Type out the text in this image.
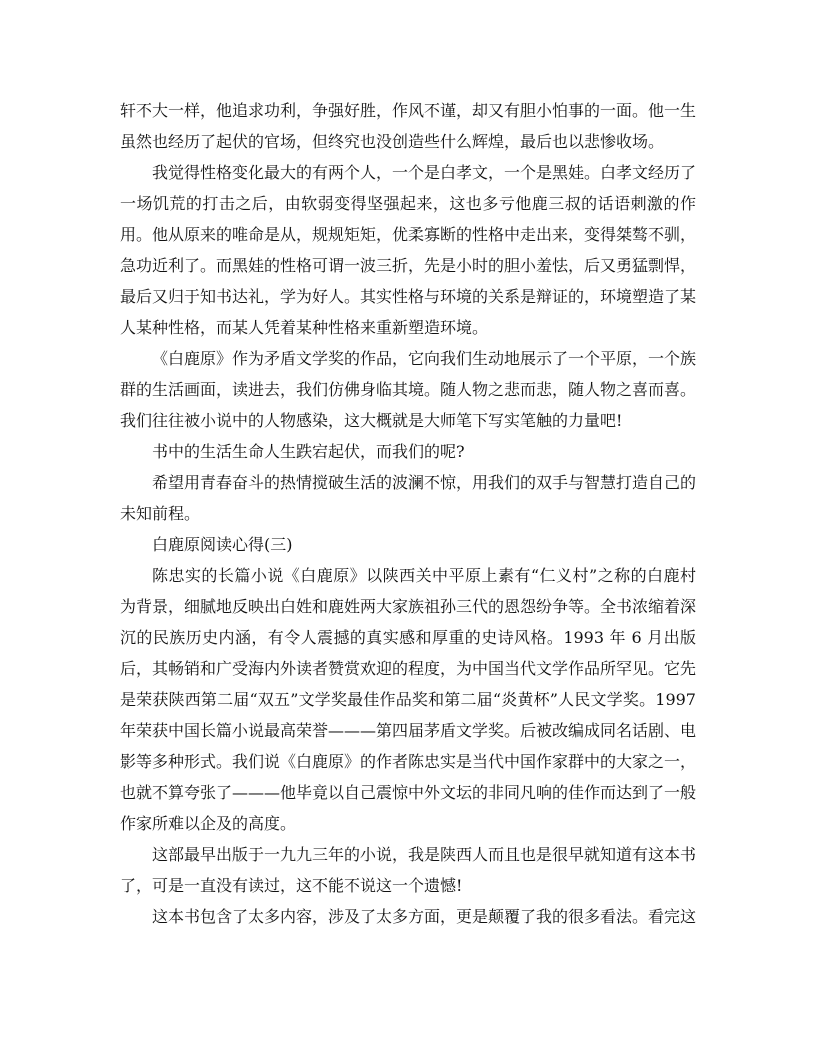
轩不大一样，他追求功利，争强好胜，作风不谨，却又有胆小怕事的一面。他一生虽然也经历了起伏的官场，但终究也没创造些什么辉煌，最后也以悲惨收场。

我觉得性格变化最大的有两个人，一个是白孝文，一个是黑娃。白孝文经历了一场饥荒的打击之后，由软弱变得坚强起来，这也多亏他鹿三叔的话语刺激的作用。他从原来的唯命是从，规规矩矩，优柔寡断的性格中走出来，变得桀骜不驯，急功近利了。而黑娃的性格可谓一波三折，先是小时的胆小羞怯，后又勇猛剽悍，最后又归于知书达礼，学为好人。其实性格与环境的关系是辩证的，环境塑造了某人某种性格，而某人凭着某种性格来重新塑造环境。

《白鹿原》作为矛盾文学奖的作品，它向我们生动地展示了一个平原，一个族群的生活画面，读进去，我们仿佛身临其境。随人物之悲而悲，随人物之喜而喜。我们往往被小说中的人物感染，这大概就是大师笔下写实笔触的力量吧!

书中的生活生命人生跌宕起伏，而我们的呢?

希望用青春奋斗的热情搅破生活的波澜不惊，用我们的双手与智慧打造自己的未知前程。

白鹿原阅读心得(三)

陈忠实的长篇小说《白鹿原》以陕西关中平原上素有“仁义村”之称的白鹿村为背景，细腻地反映出白姓和鹿姓两大家族祖孙三代的恩怨纷争等。全书浓缩着深沉的民族历史内涵，有令人震撼的真实感和厚重的史诗风格。1993 年 6 月出版后，其畅销和广受海内外读者赞赏欢迎的程度，为中国当代文学作品所罕见。它先是荣获陕西第二届“双五”文学奖最佳作品奖和第二届“炎黄杯”人民文学奖。1997 年荣获中国长篇小说最高荣誉———第四届茅盾文学奖。后被改编成同名话剧、电影等多种形式。我们说《白鹿原》的作者陈忠实是当代中国作家群中的大家之一，也就不算夸张了———他毕竟以自己震惊中外文坛的非同凡响的佳作而达到了一般作家所难以企及的高度。

这部最早出版于一九九三年的小说，我是陕西人而且也是很早就知道有这本书了，可是一直没有读过，这不能不说这一个遗憾!

这本书包含了太多内容，涉及了太多方面，更是颠覆了我的很多看法。看完这
